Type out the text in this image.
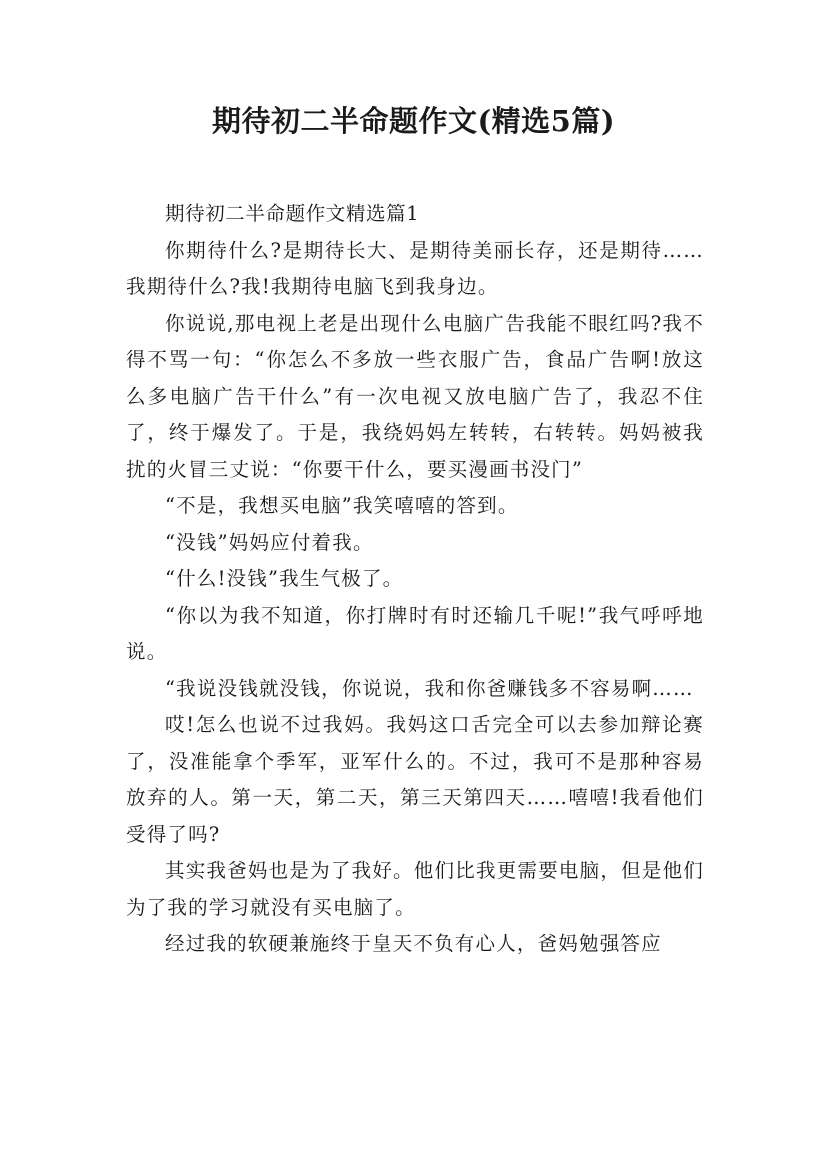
期待初二半命题作文(精选5篇)

期待初二半命题作文精选篇1

你期待什么?是期待长大、是期待美丽长存，还是期待……我期待什么?我!我期待电脑飞到我身边。

你说说,那电视上老是出现什么电脑广告我能不眼红吗?我不得不骂一句：“你怎么不多放一些衣服广告，食品广告啊!放这么多电脑广告干什么”有一次电视又放电脑广告了，我忍不住了，终于爆发了。于是，我绕妈妈左转转，右转转。妈妈被我扰的火冒三丈说：“你要干什么，要买漫画书没门”

“不是，我想买电脑”我笑嘻嘻的答到。

“没钱”妈妈应付着我。

“什么!没钱”我生气极了。

“你以为我不知道，你打牌时有时还输几千呢!”我气呼呼地说。

“我说没钱就没钱，你说说，我和你爸赚钱多不容易啊……

哎!怎么也说不过我妈。我妈这口舌完全可以去参加辩论赛了，没准能拿个季军，亚军什么的。不过，我可不是那种容易放弃的人。第一天，第二天，第三天第四天……嘻嘻!我看他们受得了吗?

其实我爸妈也是为了我好。他们比我更需要电脑，但是他们为了我的学习就没有买电脑了。

经过我的软硬兼施终于皇天不负有心人，爸妈勉强答应
